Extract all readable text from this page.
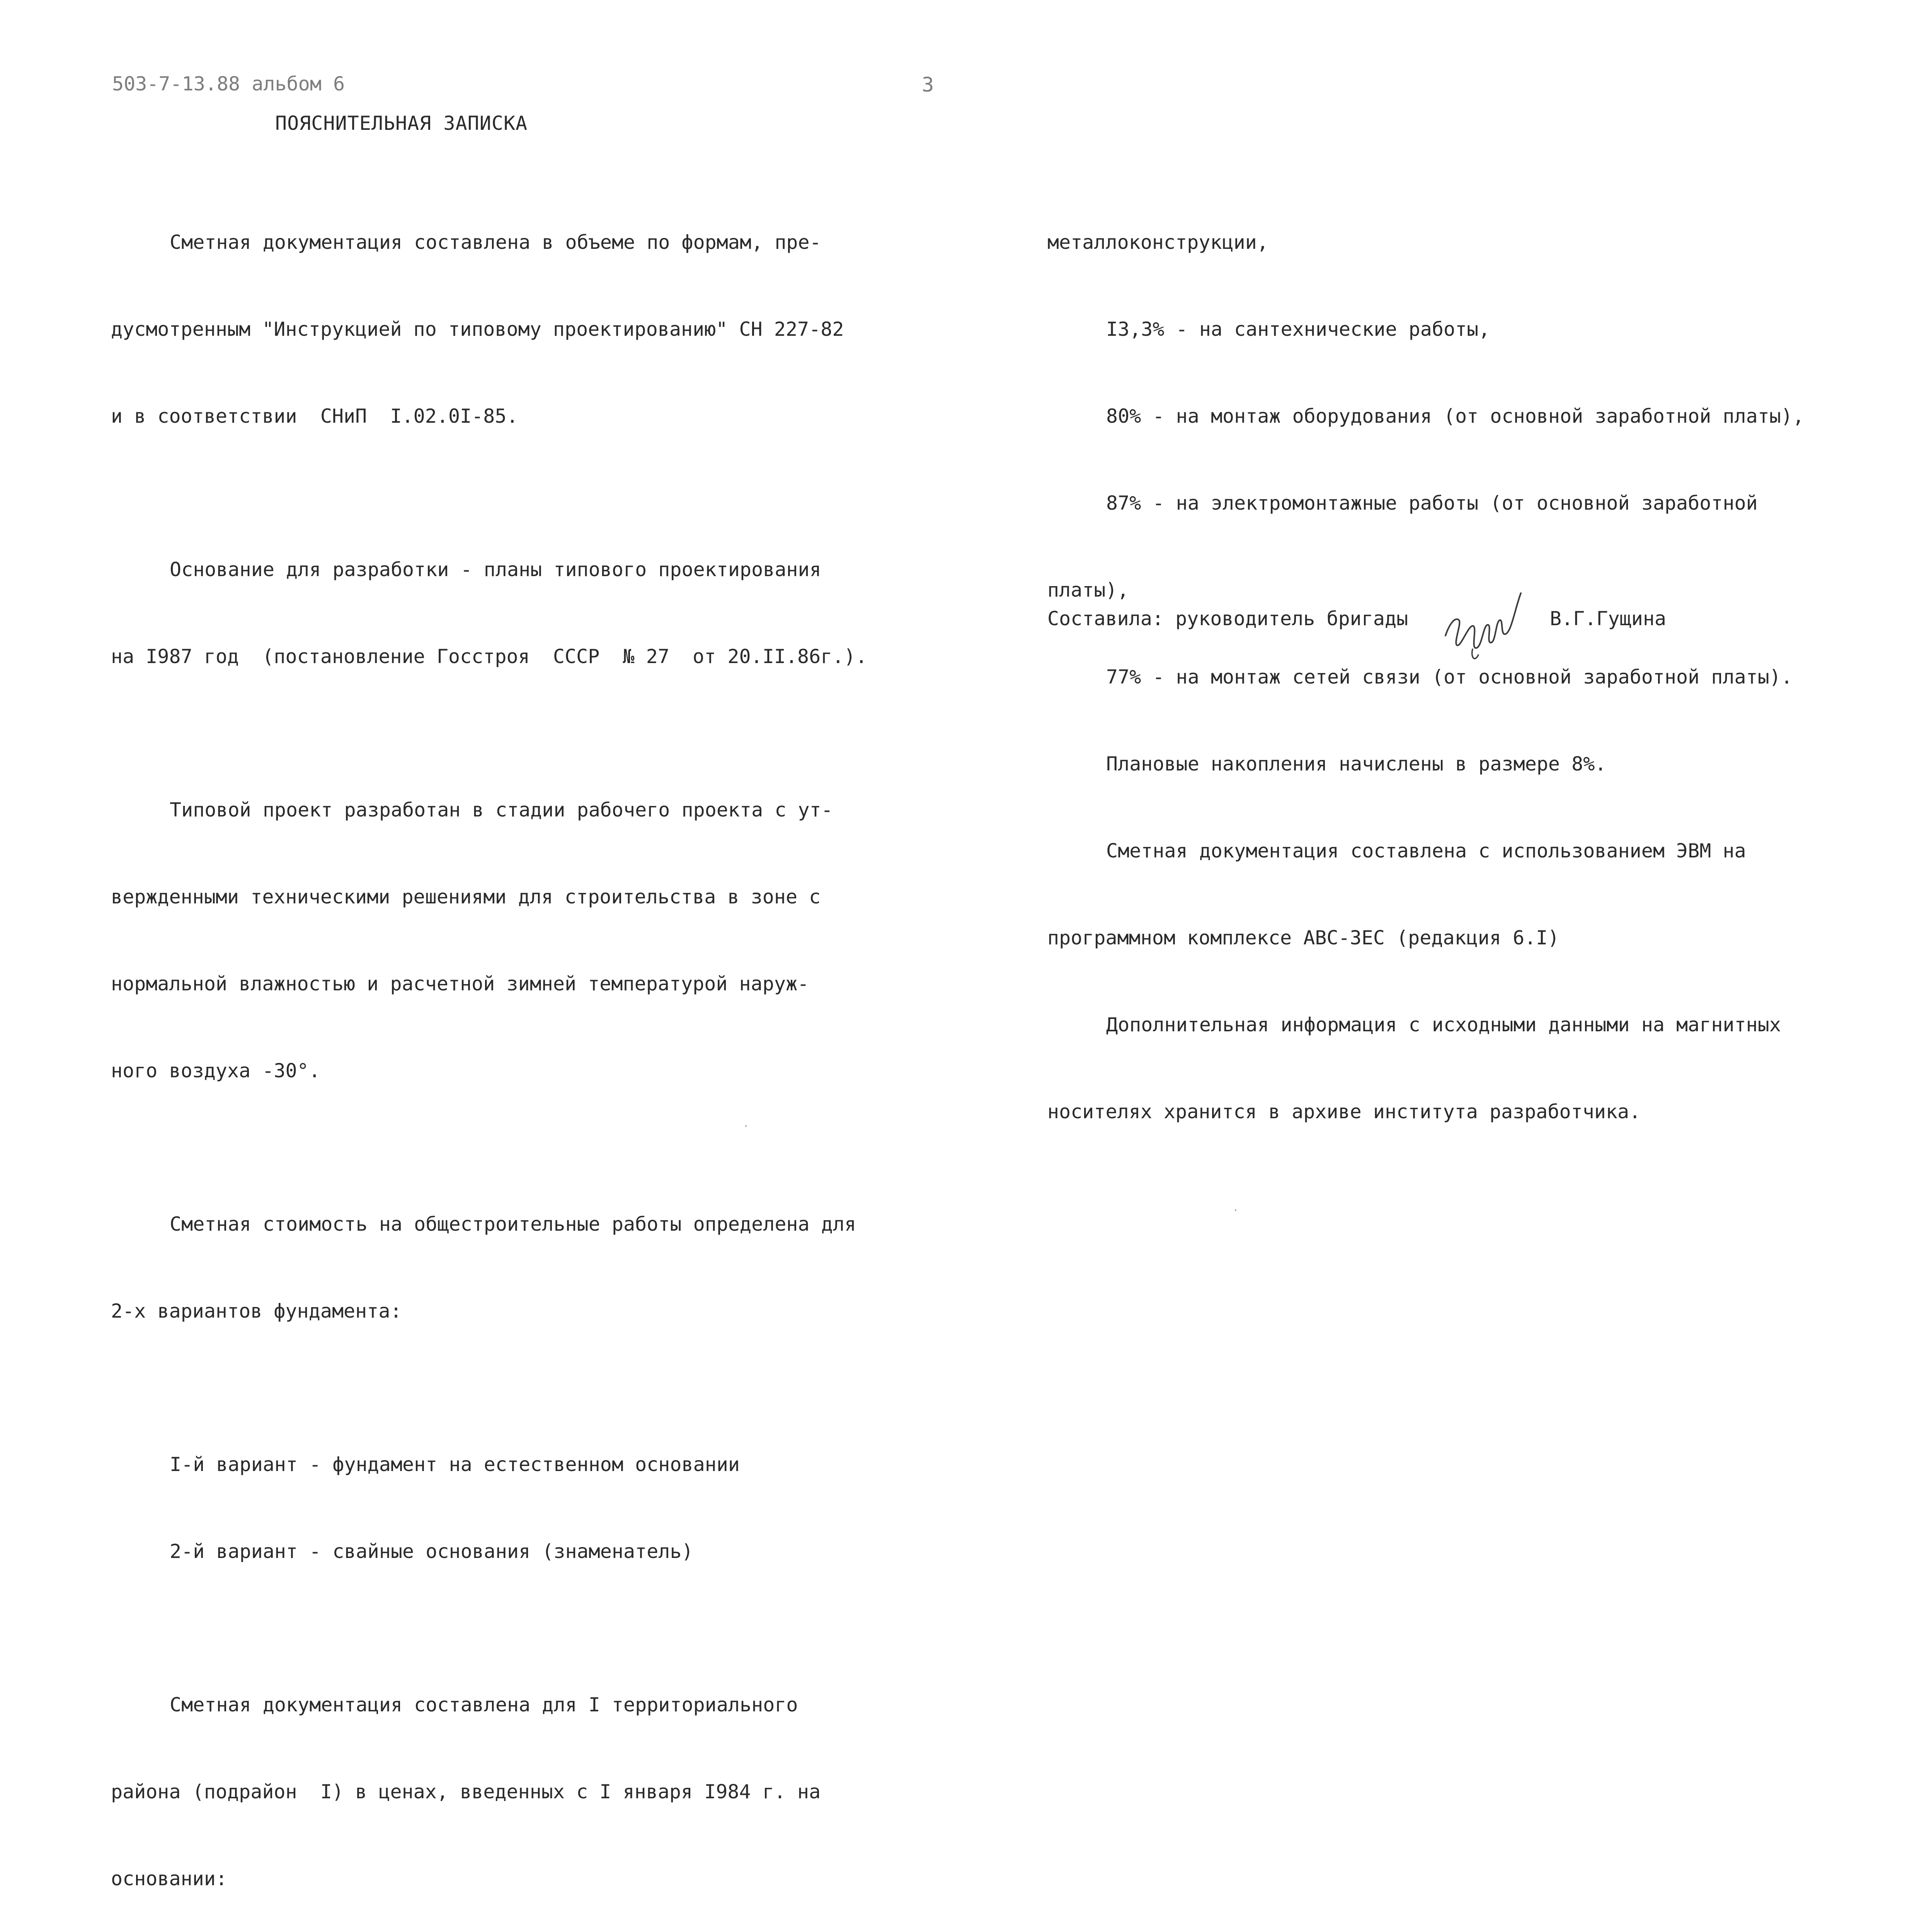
503-7-13.88 альбом 6	3
ПОЯСНИТЕЛЬНАЯ ЗАПИСКА

Сметная документация составлена в объеме по формам, пре-

дусмотренным "Инструкцией по типовому проектированию" СН 227-82

и в соответствии  СНиП  I.02.0I-85.

Основание для разработки - планы типового проектирования

на I987 год  (постановление Госстроя  СССР  № 27  от 20.II.86г.).

Типовой проект разработан в стадии рабочего проекта с ут-

вержденными техническими решениями для строительства в зоне с

нормальной влажностью и расчетной зимней температурой наруж-

ного воздуха -30°.

Сметная стоимость на общестроительные работы определена для

2-х вариантов фундамента:

I-й вариант - фундамент на естественном основании

2-й вариант - свайные основания (знаменатель)

Сметная документация составлена для I территориального

района (подрайон  I) в ценах, введенных с I января I984 г. на

основании:

металлоконструкции,

I3,3% - на сантехнические работы,

80% - на монтаж оборудования (от основной заработной платы),

87% - на электромонтажные работы (от основной заработной

платы),

77% - на монтаж сетей связи (от основной заработной платы).

Плановые накопления начислены в размере 8%.

Сметная документация составлена с использованием ЭВМ на

программном комплексе АВС-ЗЕС (редакция 6.I)

Дополнительная информация с исходными данными на магнитных

носителях хранится в архиве института разработчика.

Составила: руководитель бригады	В.Г.Гущина
